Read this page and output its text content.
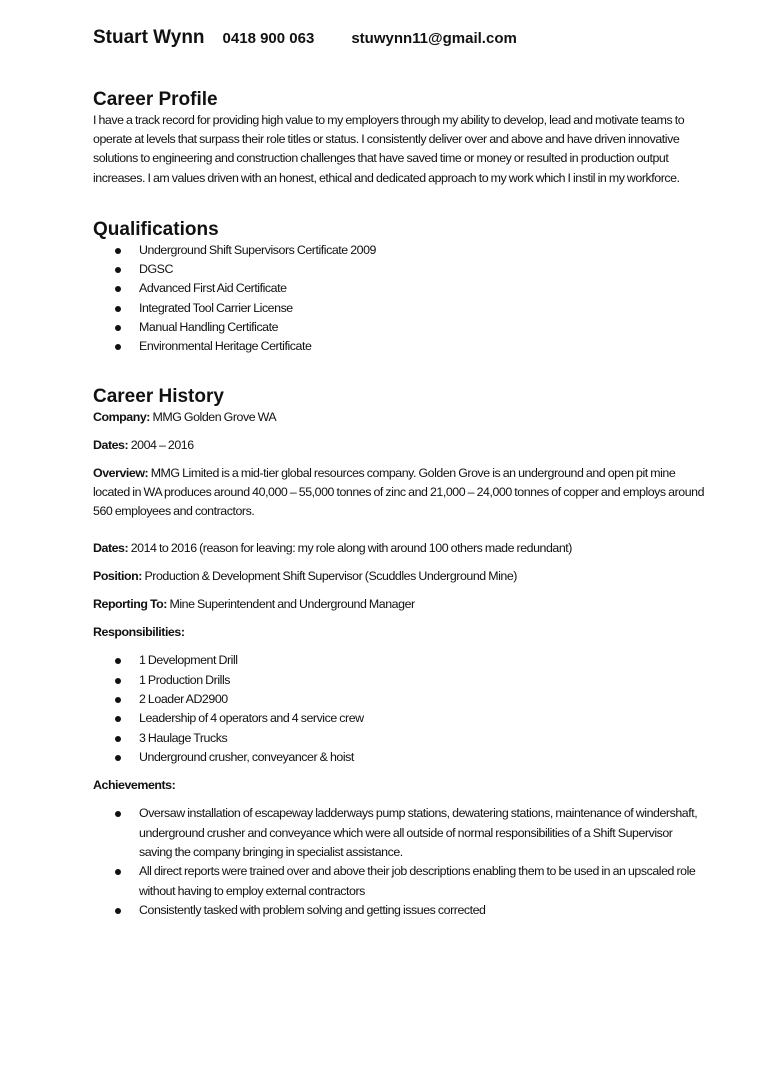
Stuart Wynn 0418 900 063 stuwynn11@gmail.com
Career Profile

I have a track record for providing high value to my employers through my ability to develop, lead and motivate teams to operate at levels that surpass their role titles or status. I consistently deliver over and above and have driven innovative solutions to engineering and construction challenges that have saved time or money or resulted in production output increases. I am values driven with an honest, ethical and dedicated approach to my work which I instil in my workforce.

Qualifications
Underground Shift Supervisors Certificate 2009
DGSC
Advanced First Aid Certificate
Integrated Tool Carrier License
Manual Handling Certificate
Environmental Heritage Certificate
Career History

Company: MMG Golden Grove WA

Dates: 2004 – 2016

Overview: MMG Limited is a mid-tier global resources company. Golden Grove is an underground and open pit mine located in WA produces around 40,000 – 55,000 tonnes of zinc and 21,000 – 24,000 tonnes of copper and employs around 560 employees and contractors.

Dates: 2014 to 2016 (reason for leaving: my role along with around 100 others made redundant)

Position: Production & Development Shift Supervisor (Scuddles Underground Mine)

Reporting To: Mine Superintendent and Underground Manager

Responsibilities:

1 Development Drill
1 Production Drills
2 Loader AD2900
Leadership of 4 operators and 4 service crew
3 Haulage Trucks
Underground crusher, conveyancer & hoist

Achievements:

Oversaw installation of escapeway ladderways pump stations, dewatering stations, maintenance of windershaft, underground crusher and conveyance which were all outside of normal responsibilities of a Shift Supervisor saving the company bringing in specialist assistance.
All direct reports were trained over and above their job descriptions enabling them to be used in an upscaled role without having to employ external contractors
Consistently tasked with problem solving and getting issues corrected
